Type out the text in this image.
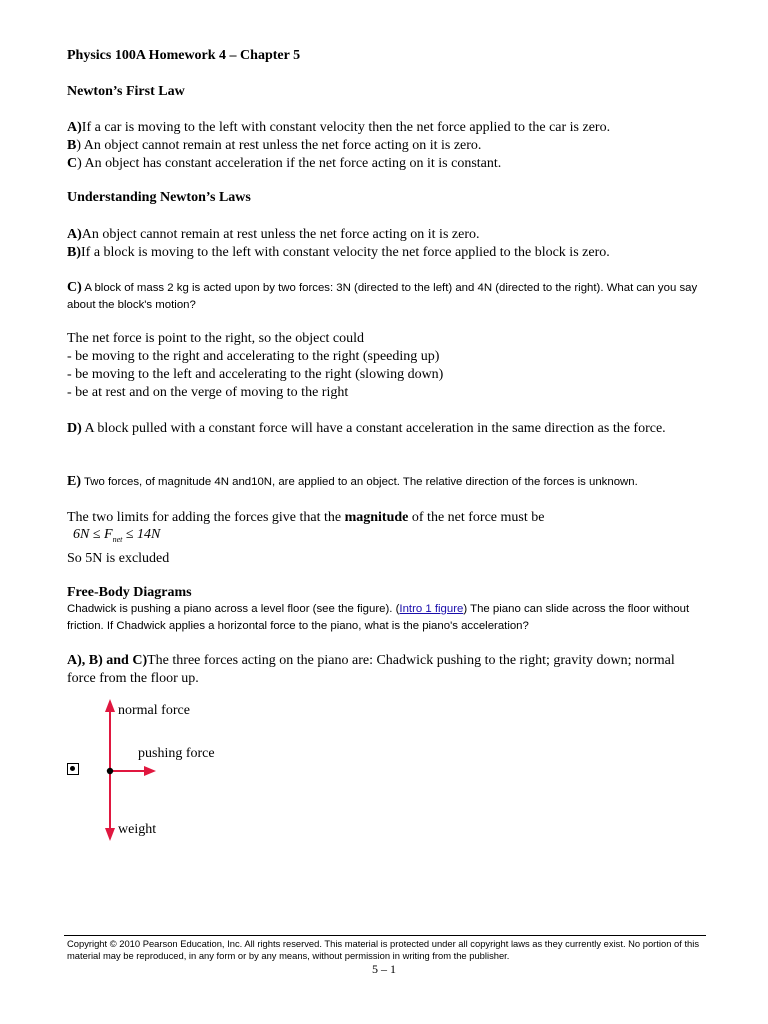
Physics 100A Homework 4 – Chapter 5
Newton’s First Law
A)If a car is moving to the left with constant velocity then the net force applied to the car is zero.
B) An object cannot remain at rest unless the net force acting on it is zero.
C) An object has constant acceleration if the net force acting on it is constant.
Understanding Newton’s Laws
A)An object cannot remain at rest unless the net force acting on it is zero.
B)If a block is moving to the left with constant velocity the net force applied to the block is zero.
C) A block of mass 2 kg is acted upon by two forces: 3N (directed to the left) and 4N (directed to the right). What can you say about the block's motion?
The net force is point to the right, so the object could
- be moving to the right and accelerating to the right (speeding up)
- be moving to the left and accelerating to the right (slowing down)
- be at rest and on the verge of moving to the right
D) A block pulled with a constant force will have a constant acceleration in the same direction as the force.
E) Two forces, of magnitude 4N and10N, are applied to an object. The relative direction of the forces is unknown.
The two limits for adding the forces give that the magnitude of the net force must be
$6N \le F_{net} \le 14N$
So 5N is excluded
Free-Body Diagrams
Chadwick is pushing a piano across a level floor (see the figure). (Intro 1 figure) The piano can slide across the floor without friction. If Chadwick applies a horizontal force to the piano, what is the piano's acceleration?
A), B) and C)The three forces acting on the piano are: Chadwick pushing to the right; gravity down; normal force from the floor up.
normal force
pushing force
weight
Copyright © 2010 Pearson Education, Inc. All rights reserved. This material is protected under all copyright laws as they currently exist. No portion of this material may be reproduced, in any form or by any means, without permission in writing from the publisher.
5 – 1
